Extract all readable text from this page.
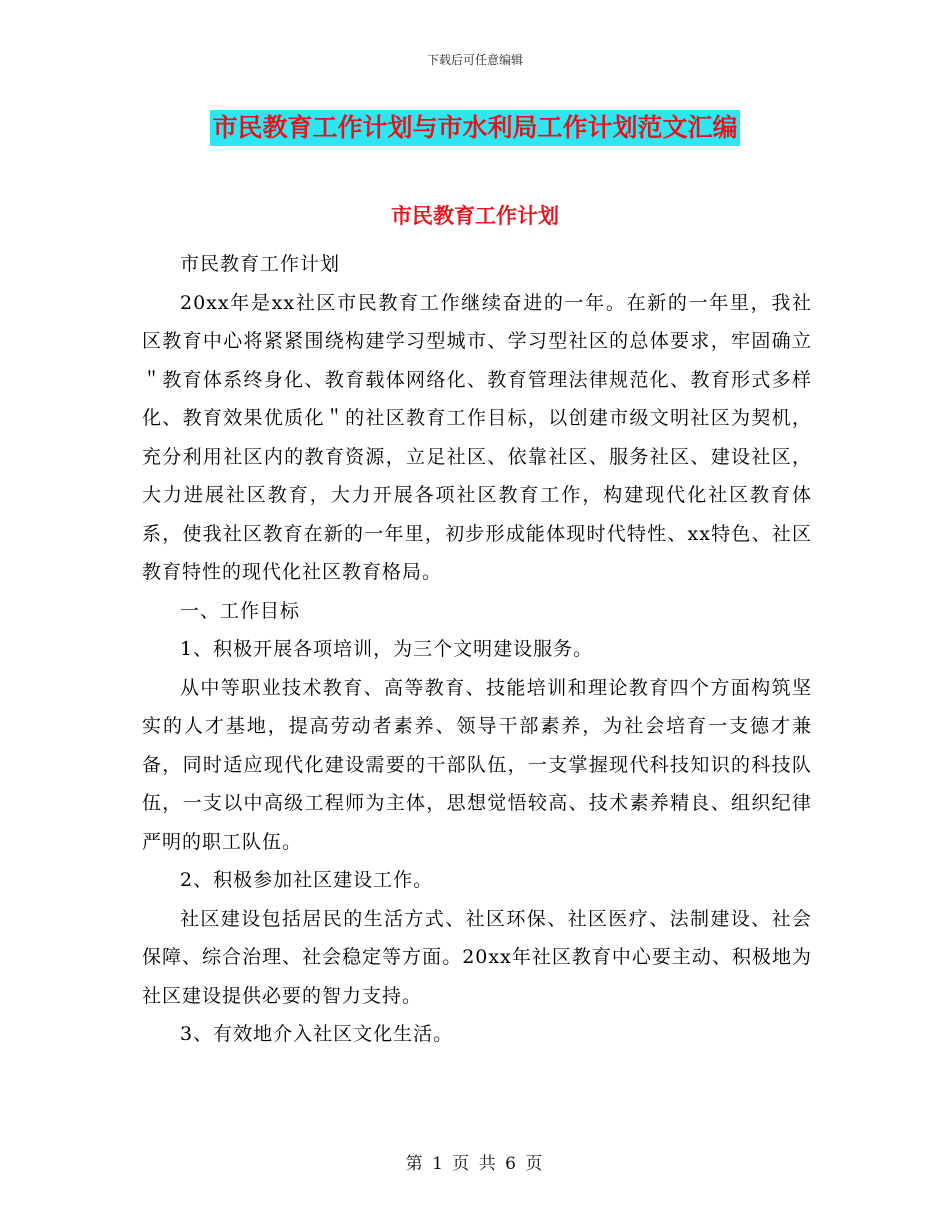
下载后可任意编辑
市民教育工作计划与市水利局工作计划范文汇编
市民教育工作计划

市民教育工作计划

20xx年是xx社区市民教育工作继续奋进的一年。在新的一年里，我社区教育中心将紧紧围绕构建学习型城市、学习型社区的总体要求，牢固确立＂教育体系终身化、教育载体网络化、教育管理法律规范化、教育形式多样化、教育效果优质化＂的社区教育工作目标，以创建市级文明社区为契机，充分利用社区内的教育资源，立足社区、依靠社区、服务社区、建设社区，大力进展社区教育，大力开展各项社区教育工作，构建现代化社区教育体系，使我社区教育在新的一年里，初步形成能体现时代特性、xx特色、社区教育特性的现代化社区教育格局。

一、工作目标

1、积极开展各项培训，为三个文明建设服务。

从中等职业技术教育、高等教育、技能培训和理论教育四个方面构筑坚实的人才基地，提高劳动者素养、领导干部素养，为社会培育一支德才兼备，同时适应现代化建设需要的干部队伍，一支掌握现代科技知识的科技队伍，一支以中高级工程师为主体，思想觉悟较高、技术素养精良、组织纪律严明的职工队伍。

2、积极参加社区建设工作。

社区建设包括居民的生活方式、社区环保、社区医疗、法制建设、社会保障、综合治理、社会稳定等方面。20xx年社区教育中心要主动、积极地为社区建设提供必要的智力支持。

3、有效地介入社区文化生活。

第 1 页 共 6 页
